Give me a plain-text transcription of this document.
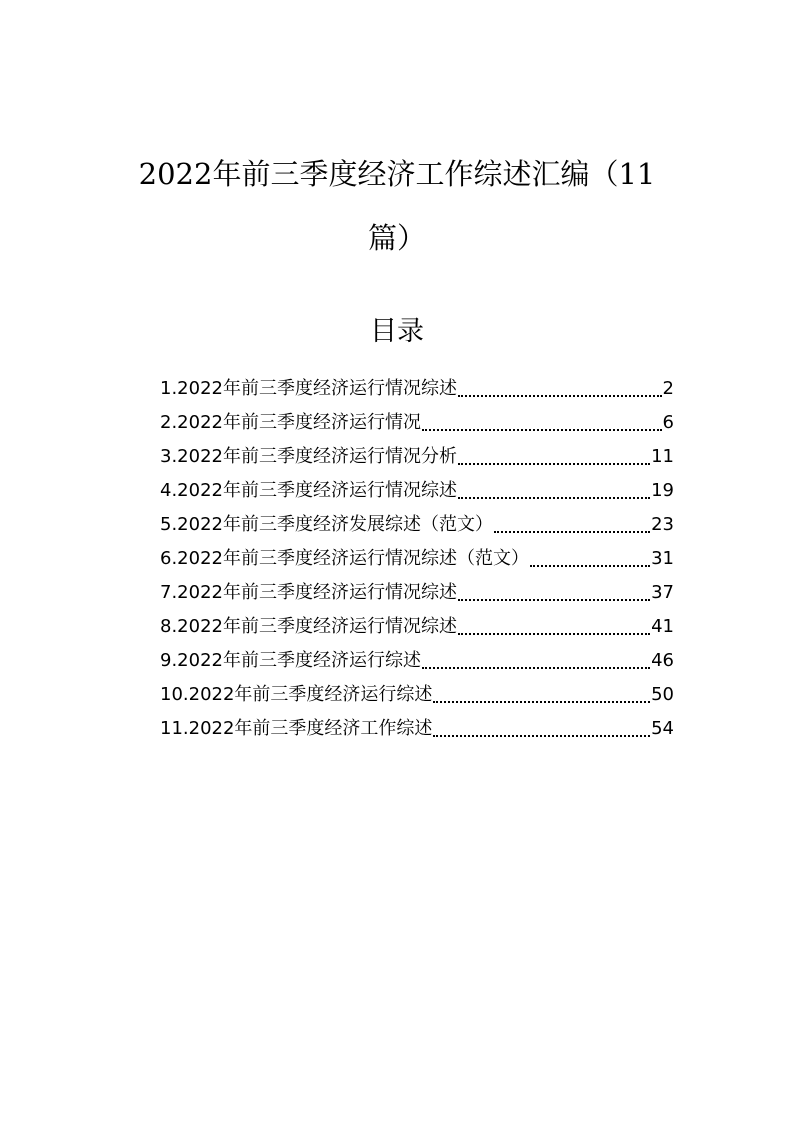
2022年前三季度经济工作综述汇编（11
篇）
目录
1.2022年前三季度经济运行情况综述	2
2.2022年前三季度经济运行情况	6
3.2022年前三季度经济运行情况分析	11
4.2022年前三季度经济运行情况综述	19
5.2022年前三季度经济发展综述（范文）	23
6.2022年前三季度经济运行情况综述（范文）	31
7.2022年前三季度经济运行情况综述	37
8.2022年前三季度经济运行情况综述	41
9.2022年前三季度经济运行综述	46
10.2022年前三季度经济运行综述	50
11.2022年前三季度经济工作综述	54
